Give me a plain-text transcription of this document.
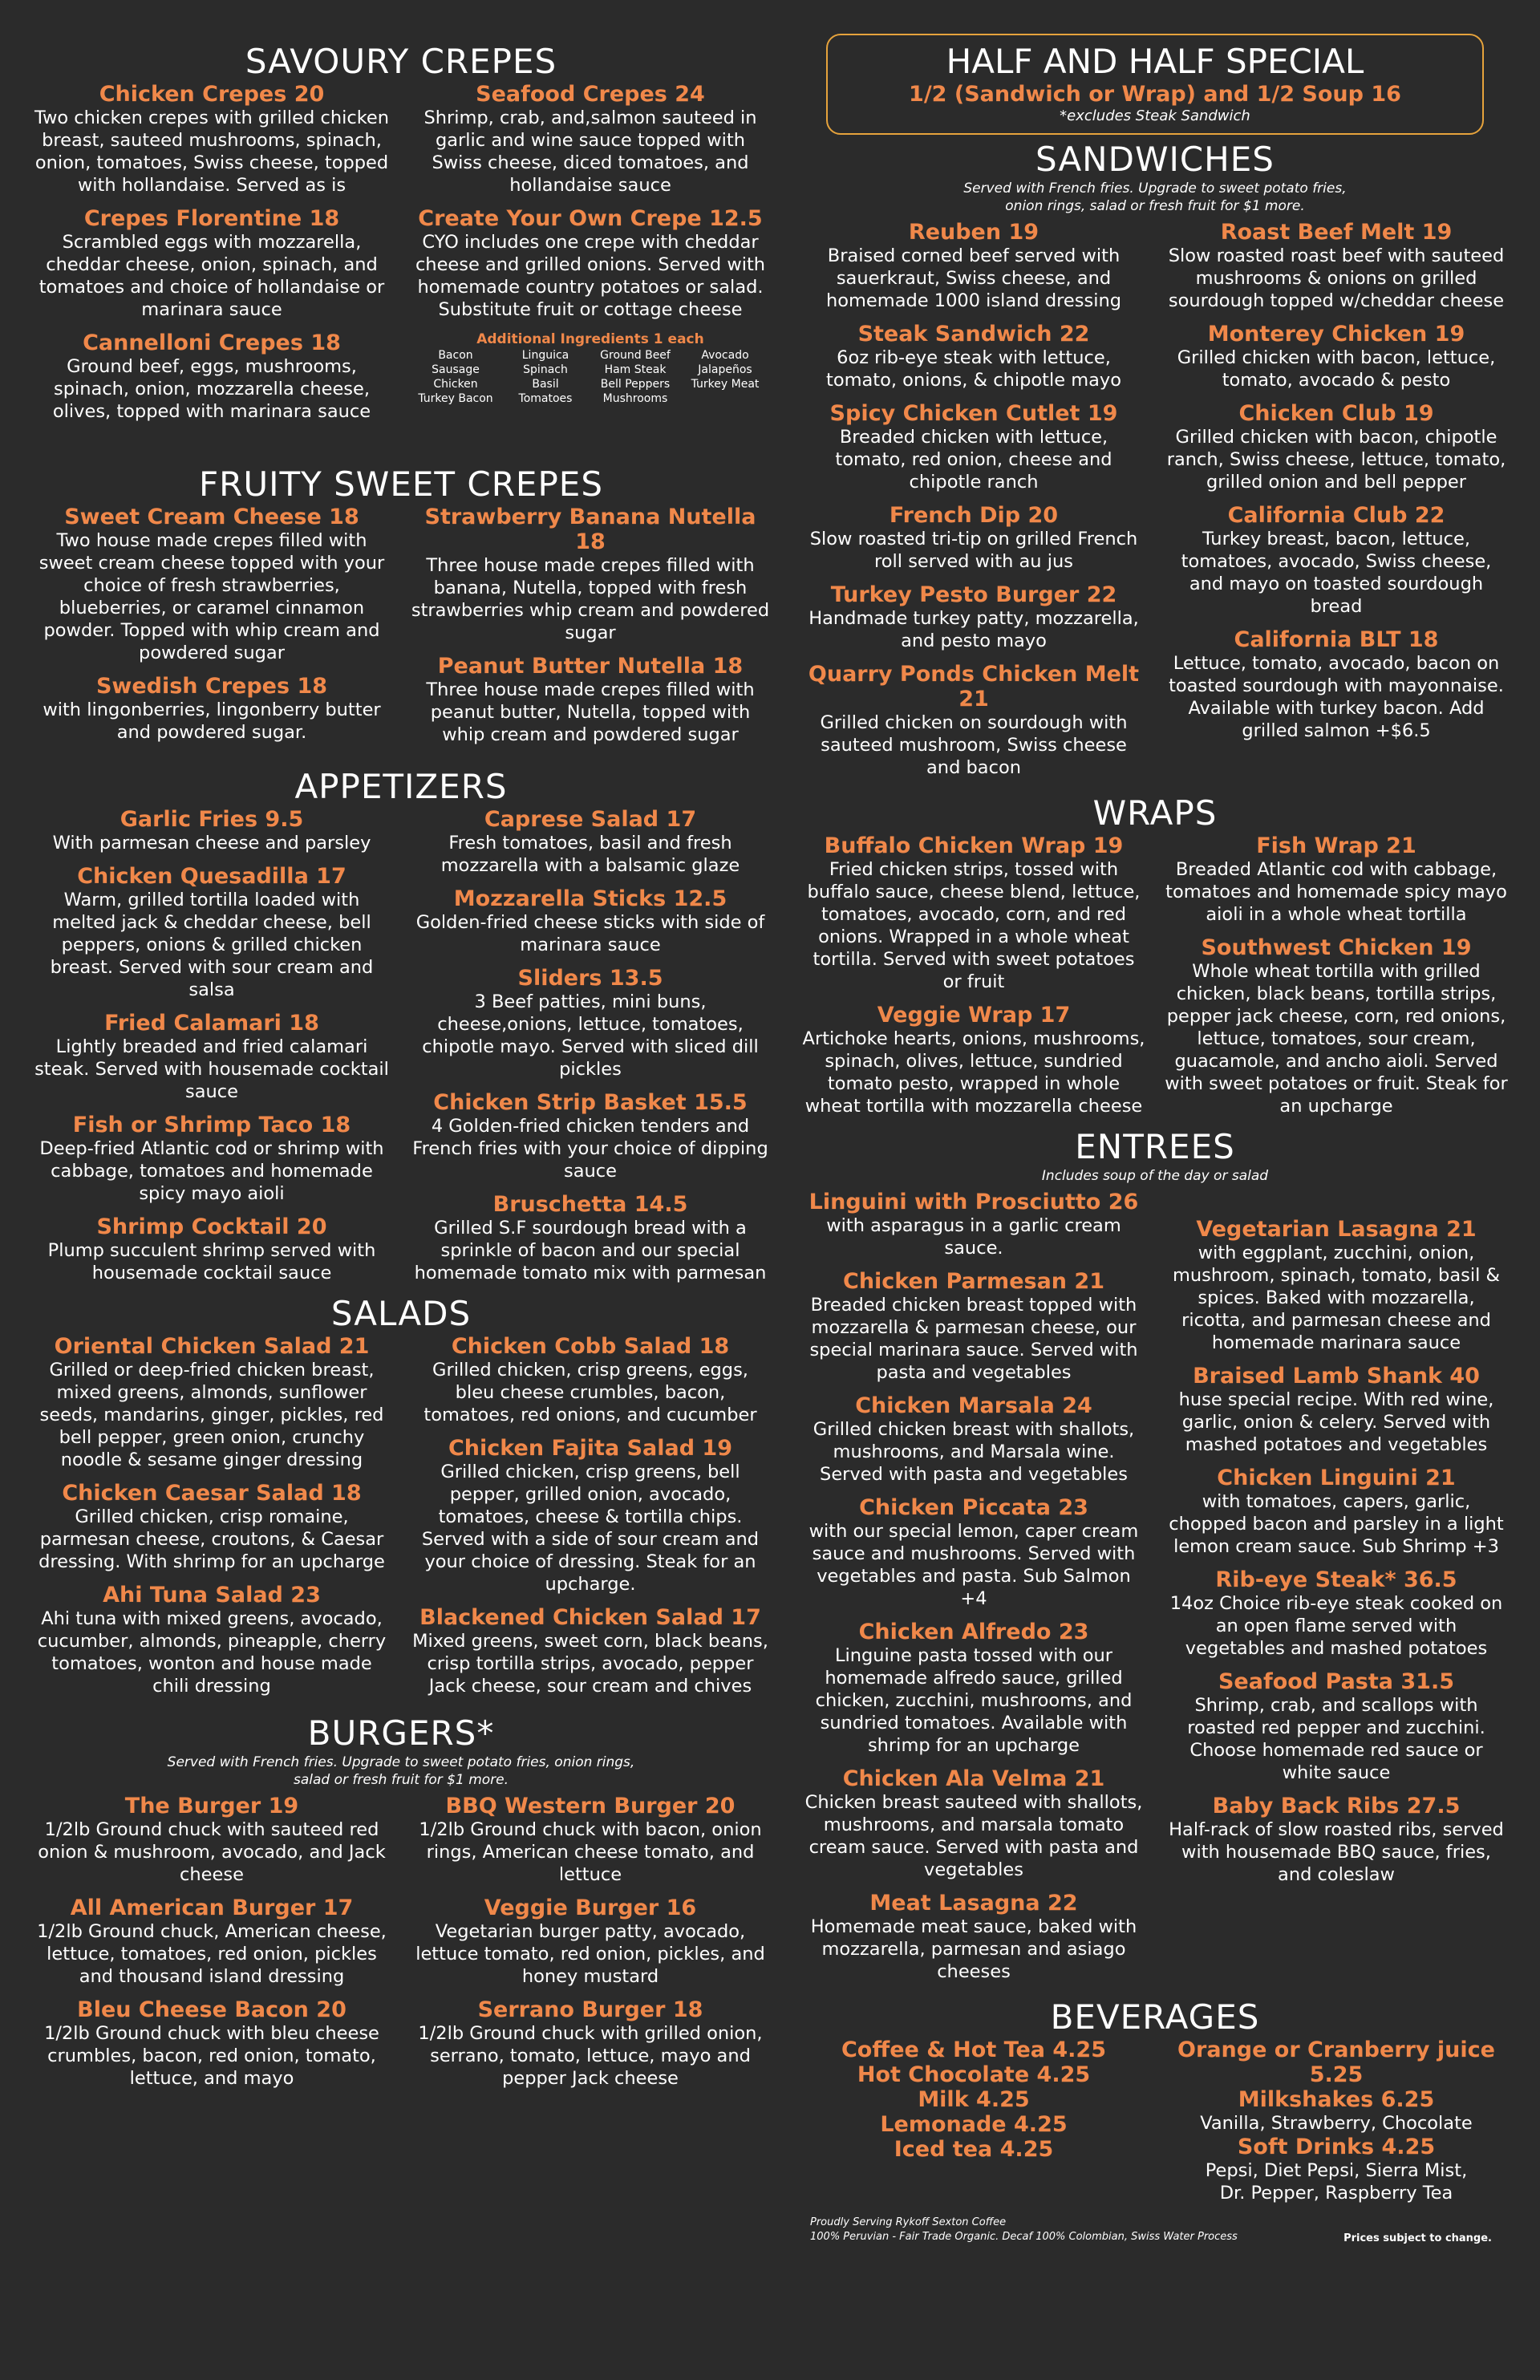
SAVOURY CREPES
Chicken Crepes 20
Two chicken crepes with grilled chicken breast, sauteed mushrooms, spinach, onion, tomatoes, Swiss cheese, topped with hollandaise. Served as is
Crepes Florentine 18
Scrambled eggs with mozzarella, cheddar cheese, onion, spinach, and tomatoes and choice of hollandaise or marinara sauce
Cannelloni Crepes 18
Ground beef, eggs, mushrooms, spinach, onion, mozzarella cheese, olives, topped with marinara sauce
Seafood Crepes 24
Shrimp, crab, and,salmon sauteed in garlic and wine sauce topped with Swiss cheese, diced tomatoes, and hollandaise sauce
Create Your Own Crepe 12.5
CYO includes one crepe with cheddar cheese and grilled onions. Served with homemade country potatoes or salad. Substitute fruit or cottage cheese
Additional Ingredients 1 each
Bacon	Linguica	Ground Beef	Avocado
Sausage	Spinach	Ham Steak	Jalapeños
Chicken	Basil	Bell Peppers	Turkey Meat
Turkey Bacon	Tomatoes	Mushrooms
FRUITY SWEET CREPES
Sweet Cream Cheese 18
Two house made crepes filled with sweet cream cheese topped with your choice of fresh strawberries, blueberries, or caramel cinnamon powder. Topped with whip cream and powdered sugar
Swedish Crepes 18
with lingonberries, lingonberry butter and powdered sugar.
Strawberry Banana Nutella 18
Three house made crepes filled with banana, Nutella, topped with fresh strawberries whip cream and powdered sugar
Peanut Butter Nutella 18
Three house made crepes filled with peanut butter, Nutella, topped with whip cream and powdered sugar
APPETIZERS
Garlic Fries 9.5
With parmesan cheese and parsley
Chicken Quesadilla 17
Warm, grilled tortilla loaded with melted jack & cheddar cheese, bell peppers, onions & grilled chicken breast. Served with sour cream and salsa
Fried Calamari 18
Lightly breaded and fried calamari steak. Served with housemade cocktail sauce
Fish or Shrimp Taco 18
Deep-fried Atlantic cod or shrimp with cabbage, tomatoes and homemade spicy mayo aioli
Shrimp Cocktail 20
Plump succulent shrimp served with housemade cocktail sauce
Caprese Salad 17
Fresh tomatoes, basil and fresh mozzarella with a balsamic glaze
Mozzarella Sticks 12.5
Golden-fried cheese sticks with side of marinara sauce
Sliders 13.5
3 Beef patties, mini buns, cheese,onions, lettuce, tomatoes, chipotle mayo. Served with sliced dill pickles
Chicken Strip Basket 15.5
4 Golden-fried chicken tenders and French fries with your choice of dipping sauce
Bruschetta 14.5
Grilled S.F sourdough bread with a sprinkle of bacon and our special homemade tomato mix with parmesan
SALADS
Oriental Chicken Salad 21
Grilled or deep-fried chicken breast, mixed greens, almonds, sunflower seeds, mandarins, ginger, pickles, red bell pepper, green onion, crunchy noodle & sesame ginger dressing
Chicken Caesar Salad 18
Grilled chicken, crisp romaine, parmesan cheese, croutons, & Caesar dressing. With shrimp for an upcharge
Ahi Tuna Salad 23
Ahi tuna with mixed greens, avocado, cucumber, almonds, pineapple, cherry tomatoes, wonton and house made chili dressing
Chicken Cobb Salad 18
Grilled chicken, crisp greens, eggs, bleu cheese crumbles, bacon, tomatoes, red onions, and cucumber
Chicken Fajita Salad 19
Grilled chicken, crisp greens, bell pepper, grilled onion, avocado, tomatoes, cheese & tortilla chips. Served with a side of sour cream and your choice of dressing. Steak for an upcharge.
Blackened Chicken Salad 17
Mixed greens, sweet corn, black beans, crisp tortilla strips, avocado, pepper Jack cheese, sour cream and chives
BURGERS*

Served with French fries. Upgrade to sweet potato fries, onion rings, salad or fresh fruit for $1 more.

The Burger 19
1/2lb Ground chuck with sauteed red onion & mushroom, avocado, and Jack cheese
All American Burger 17
1/2lb Ground chuck, American cheese, lettuce, tomatoes, red onion, pickles and thousand island dressing
Bleu Cheese Bacon 20
1/2lb Ground chuck with bleu cheese crumbles, bacon, red onion, tomato, lettuce, and mayo
BBQ Western Burger 20
1/2lb Ground chuck with bacon, onion rings, American cheese tomato, and lettuce
Veggie Burger 16
Vegetarian burger patty, avocado, lettuce tomato, red onion, pickles, and honey mustard
Serrano Burger 18
1/2lb Ground chuck with grilled onion, serrano, tomato, lettuce, mayo and pepper Jack cheese
HALF AND HALF SPECIAL
1/2 (Sandwich or Wrap) and 1/2 Soup 16
*excludes Steak Sandwich
SANDWICHES

Served with French fries. Upgrade to sweet potato fries, onion rings, salad or fresh fruit for $1 more.

Reuben 19
Braised corned beef served with sauerkraut, Swiss cheese, and homemade 1000 island dressing
Steak Sandwich 22
6oz rib-eye steak with lettuce, tomato, onions, & chipotle mayo
Spicy Chicken Cutlet 19
Breaded chicken with lettuce, tomato, red onion, cheese and chipotle ranch
French Dip 20
Slow roasted tri-tip on grilled French roll served with au jus
Turkey Pesto Burger 22
Handmade turkey patty, mozzarella, and pesto mayo
Quarry Ponds Chicken Melt 21
Grilled chicken on sourdough with sauteed mushroom, Swiss cheese and bacon
Roast Beef Melt 19
Slow roasted roast beef with sauteed mushrooms & onions on grilled sourdough topped w/cheddar cheese
Monterey Chicken 19
Grilled chicken with bacon, lettuce, tomato, avocado & pesto
Chicken Club 19
Grilled chicken with bacon, chipotle ranch, Swiss cheese, lettuce, tomato, grilled onion and bell pepper
California Club 22
Turkey breast, bacon, lettuce, tomatoes, avocado, Swiss cheese, and mayo on toasted sourdough bread
California BLT 18
Lettuce, tomato, avocado, bacon on toasted sourdough with mayonnaise. Available with turkey bacon. Add grilled salmon +$6.5
WRAPS
Buffalo Chicken Wrap 19
Fried chicken strips, tossed with buffalo sauce, cheese blend, lettuce, tomatoes, avocado, corn, and red onions. Wrapped in a whole wheat tortilla. Served with sweet potatoes or fruit
Veggie Wrap 17
Artichoke hearts, onions, mushrooms, spinach, olives, lettuce, sundried tomato pesto, wrapped in whole wheat tortilla with mozzarella cheese
Fish Wrap 21
Breaded Atlantic cod with cabbage, tomatoes and homemade spicy mayo aioli in a whole wheat tortilla
Southwest Chicken 19
Whole wheat tortilla with grilled chicken, black beans, tortilla strips, pepper jack cheese, corn, red onions, lettuce, tomatoes, sour cream, guacamole, and ancho aioli. Served with sweet potatoes or fruit. Steak for an upcharge
ENTREES

Includes soup of the day or salad

Linguini with Prosciutto 26
with asparagus in a garlic cream sauce.
Chicken Parmesan 21
Breaded chicken breast topped with mozzarella & parmesan cheese, our special marinara sauce. Served with pasta and vegetables
Chicken Marsala 24
Grilled chicken breast with shallots, mushrooms, and Marsala wine. Served with pasta and vegetables
Chicken Piccata 23
with our special lemon, caper cream sauce and mushrooms. Served with vegetables and pasta. Sub Salmon +4
Chicken Alfredo 23
Linguine pasta tossed with our homemade alfredo sauce, grilled chicken, zucchini, mushrooms, and sundried tomatoes. Available with shrimp for an upcharge
Chicken Ala Velma 21
Chicken breast sauteed with shallots, mushrooms, and marsala tomato cream sauce. Served with pasta and vegetables
Meat Lasagna 22
Homemade meat sauce, baked with mozzarella, parmesan and asiago cheeses
Vegetarian Lasagna 21
with eggplant, zucchini, onion, mushroom, spinach, tomato, basil & spices. Baked with mozzarella, ricotta, and parmesan cheese and homemade marinara sauce
Braised Lamb Shank 40
huse special recipe. With red wine, garlic, onion & celery. Served with mashed potatoes and vegetables
Chicken Linguini 21
with tomatoes, capers, garlic, chopped bacon and parsley in a light lemon cream sauce. Sub Shrimp +3
Rib-eye Steak* 36.5
14oz Choice rib-eye steak cooked on an open flame served with vegetables and mashed potatoes
Seafood Pasta 31.5
Shrimp, crab, and scallops with roasted red pepper and zucchini. Choose homemade red sauce or white sauce
Baby Back Ribs 27.5
Half-rack of slow roasted ribs, served with housemade BBQ sauce, fries, and coleslaw
BEVERAGES
Coffee & Hot Tea 4.25
Hot Chocolate 4.25
Milk 4.25
Lemonade 4.25
Iced tea 4.25
Orange or Cranberry juice 5.25
Milkshakes 6.25
Vanilla, Strawberry, Chocolate
Soft Drinks 4.25
Pepsi, Diet Pepsi, Sierra Mist, Dr. Pepper, Raspberry Tea
Proudly Serving Rykoff Sexton Coffee
100% Peruvian - Fair Trade Organic. Decaf 100% Colombian, Swiss Water Process	Prices subject to change.
